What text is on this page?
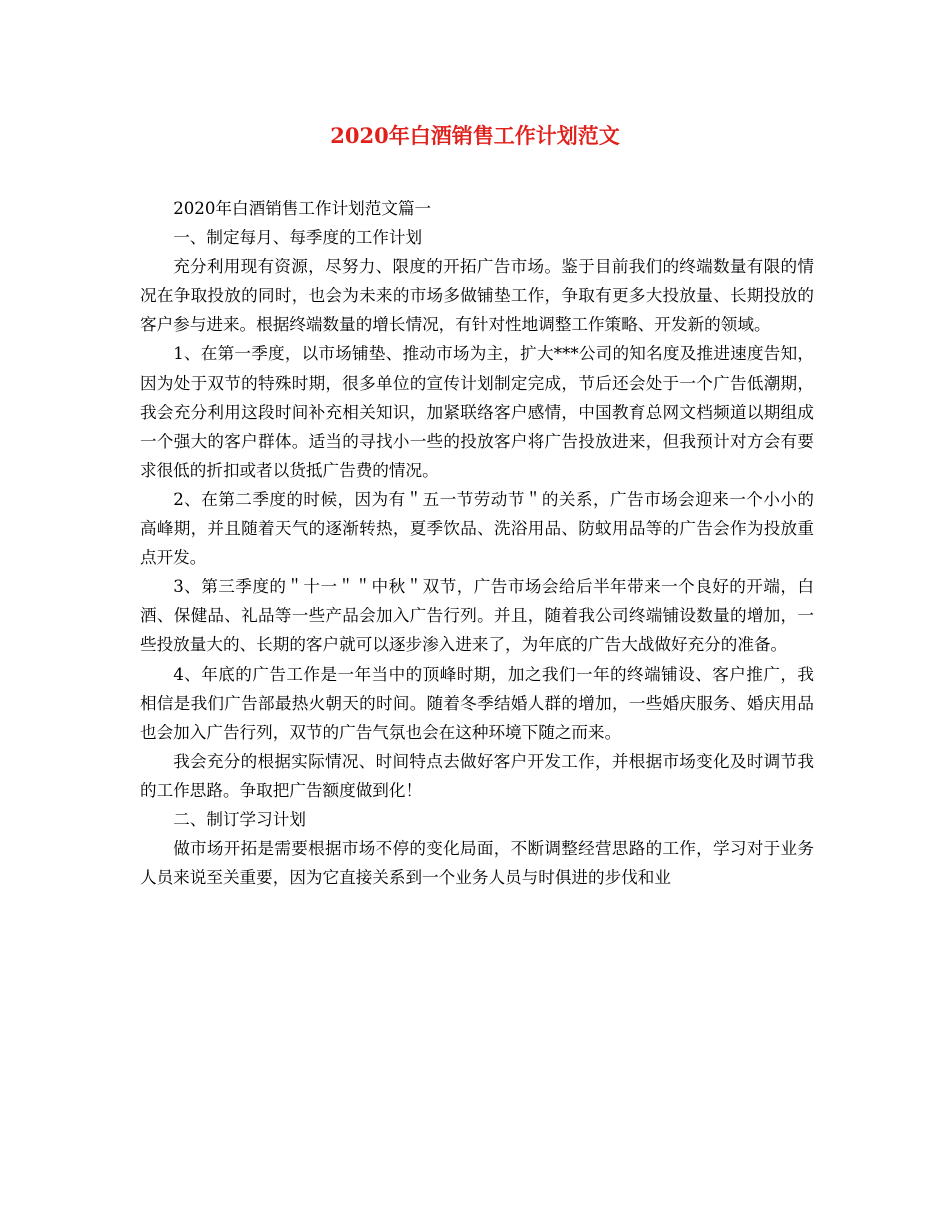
2020年白酒销售工作计划范文

2020年白酒销售工作计划范文篇一

一、制定每月、每季度的工作计划

充分利用现有资源，尽努力、限度的开拓广告市场。鉴于目前我们的终端数量有限的情况在争取投放的同时，也会为未来的市场多做铺垫工作，争取有更多大投放量、长期投放的客户参与进来。根据终端数量的增长情况，有针对性地调整工作策略、开发新的领域。

1、在第一季度，以市场铺垫、推动市场为主，扩大***公司的知名度及推进速度告知，因为处于双节的特殊时期，很多单位的宣传计划制定完成，节后还会处于一个广告低潮期，我会充分利用这段时间补充相关知识，加紧联络客户感情，中国教育总网文档频道以期组成一个强大的客户群体。适当的寻找小一些的投放客户将广告投放进来，但我预计对方会有要求很低的折扣或者以货抵广告费的情况。

2、在第二季度的时候，因为有＂五一节劳动节＂的关系，广告市场会迎来一个小小的高峰期，并且随着天气的逐渐转热，夏季饮品、洗浴用品、防蚊用品等的广告会作为投放重点开发。

3、第三季度的＂十一＂＂中秋＂双节，广告市场会给后半年带来一个良好的开端，白酒、保健品、礼品等一些产品会加入广告行列。并且，随着我公司终端铺设数量的增加，一些投放量大的、长期的客户就可以逐步渗入进来了，为年底的广告大战做好充分的准备。

4、年底的广告工作是一年当中的顶峰时期，加之我们一年的终端铺设、客户推广，我相信是我们广告部最热火朝天的时间。随着冬季结婚人群的增加，一些婚庆服务、婚庆用品也会加入广告行列，双节的广告气氛也会在这种环境下随之而来。

我会充分的根据实际情况、时间特点去做好客户开发工作，并根据市场变化及时调节我的工作思路。争取把广告额度做到化！

二、制订学习计划

做市场开拓是需要根据市场不停的变化局面，不断调整经营思路的工作，学习对于业务人员来说至关重要，因为它直接关系到一个业务人员与时俱进的步伐和业
